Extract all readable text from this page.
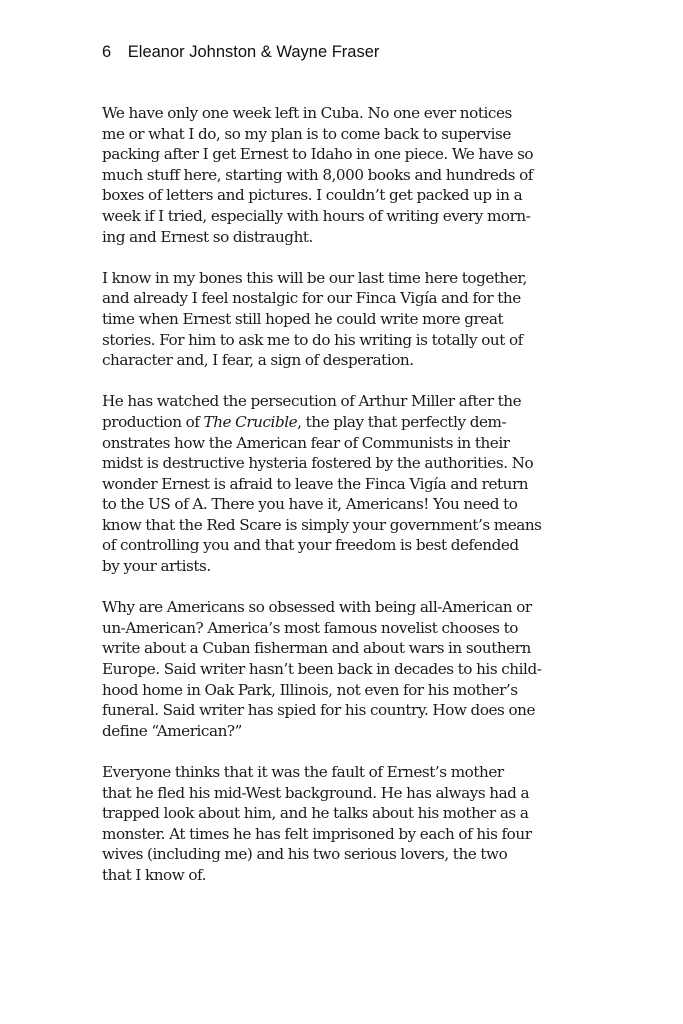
6 Eleanor Johnston & Wayne Fraser

We have only one week left in Cuba. No one ever notices
me or what I do, so my plan is to come back to supervise
packing after I get Ernest to Idaho in one piece. We have so
much stuff here, starting with 8,000 books and hundreds of
boxes of letters and pictures. I couldn’t get packed up in a
week if I tried, especially with hours of writing every morn-
ing and Ernest so distraught.

I know in my bones this will be our last time here together,
and already I feel nostalgic for our Finca Vigía and for the
time when Ernest still hoped he could write more great
stories. For him to ask me to do his writing is totally out of
character and, I fear, a sign of desperation.

He has watched the persecution of Arthur Miller after the
production of The Crucible, the play that perfectly dem-
onstrates how the American fear of Communists in their
midst is destructive hysteria fostered by the authorities. No
wonder Ernest is afraid to leave the Finca Vigía and return
to the US of A. There you have it, Americans! You need to
know that the Red Scare is simply your government’s means
of controlling you and that your freedom is best defended
by your artists.

Why are Americans so obsessed with being all-American or
un-American? America’s most famous novelist chooses to
write about a Cuban fisherman and about wars in southern
Europe. Said writer hasn’t been back in decades to his child-
hood home in Oak Park, Illinois, not even for his mother’s
funeral. Said writer has spied for his country. How does one
define “American?”

Everyone thinks that it was the fault of Ernest’s mother
that he fled his mid-West background. He has always had a
trapped look about him, and he talks about his mother as a
monster. At times he has felt imprisoned by each of his four
wives (including me) and his two serious lovers, the two
that I know of.
